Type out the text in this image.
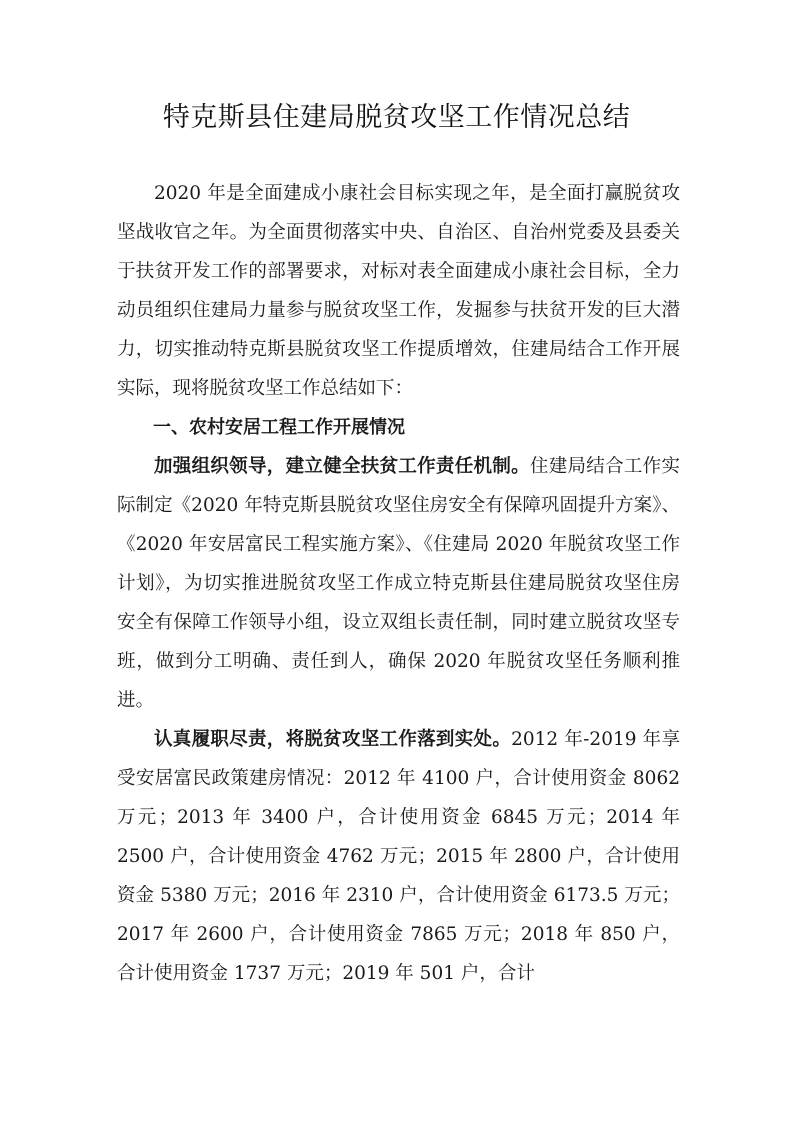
特克斯县住建局脱贫攻坚工作情况总结

2020 年是全面建成小康社会目标实现之年，是全面打赢脱贫攻坚战收官之年。为全面贯彻落实中央、自治区、自治州党委及县委关于扶贫开发工作的部署要求，对标对表全面建成小康社会目标，全力动员组织住建局力量参与脱贫攻坚工作，发掘参与扶贫开发的巨大潜力，切实推动特克斯县脱贫攻坚工作提质增效，住建局结合工作开展实际，现将脱贫攻坚工作总结如下：

一、农村安居工程工作开展情况

加强组织领导，建立健全扶贫工作责任机制。住建局结合工作实际制定《2020 年特克斯县脱贫攻坚住房安全有保障巩固提升方案》、《2020 年安居富民工程实施方案》、《住建局 2020 年脱贫攻坚工作计划》，为切实推进脱贫攻坚工作成立特克斯县住建局脱贫攻坚住房安全有保障工作领导小组，设立双组长责任制，同时建立脱贫攻坚专班，做到分工明确、责任到人，确保 2020 年脱贫攻坚任务顺利推进。

认真履职尽责，将脱贫攻坚工作落到实处。2012 年-2019 年享受安居富民政策建房情况：2012 年 4100 户，合计使用资金 8062 万元；2013 年 3400 户，合计使用资金 6845 万元；2014 年 2500 户，合计使用资金 4762 万元；2015 年 2800 户，合计使用资金 5380 万元；2016 年 2310 户，合计使用资金 6173.5 万元；2017 年 2600 户，合计使用资金 7865 万元；2018 年 850 户，合计使用资金 1737 万元；2019 年 501 户，合计
